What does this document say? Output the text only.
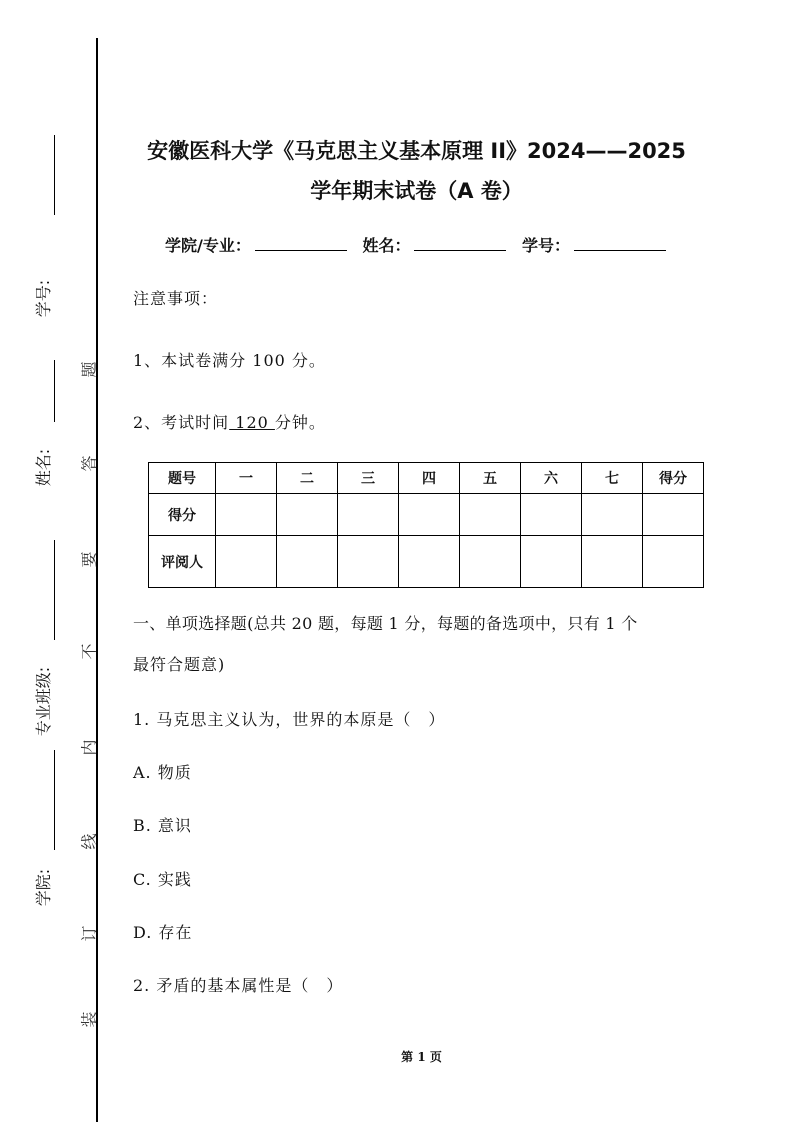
学号:
姓名:
专业班级:
学院:
题
答
要
不
内
线
订
装
安徽医科大学《马克思主义基本原理 II》2024——2025
学年期末试卷（A 卷）
学院/专业：	姓名：	学号：
注意事项：
1、本试卷满分 100 分。
2、考试时间 120 分钟。
题号	一	二	三	四	五	六	七	得分
得分								
评阅人								
一、单项选择题(总共 20 题，每题 1 分，每题的备选项中，只有 1 个
最符合题意)
1. 马克思主义认为，世界的本原是（　）
A. 物质
B. 意识
C. 实践
D. 存在
2. 矛盾的基本属性是（　）
第 1 页
